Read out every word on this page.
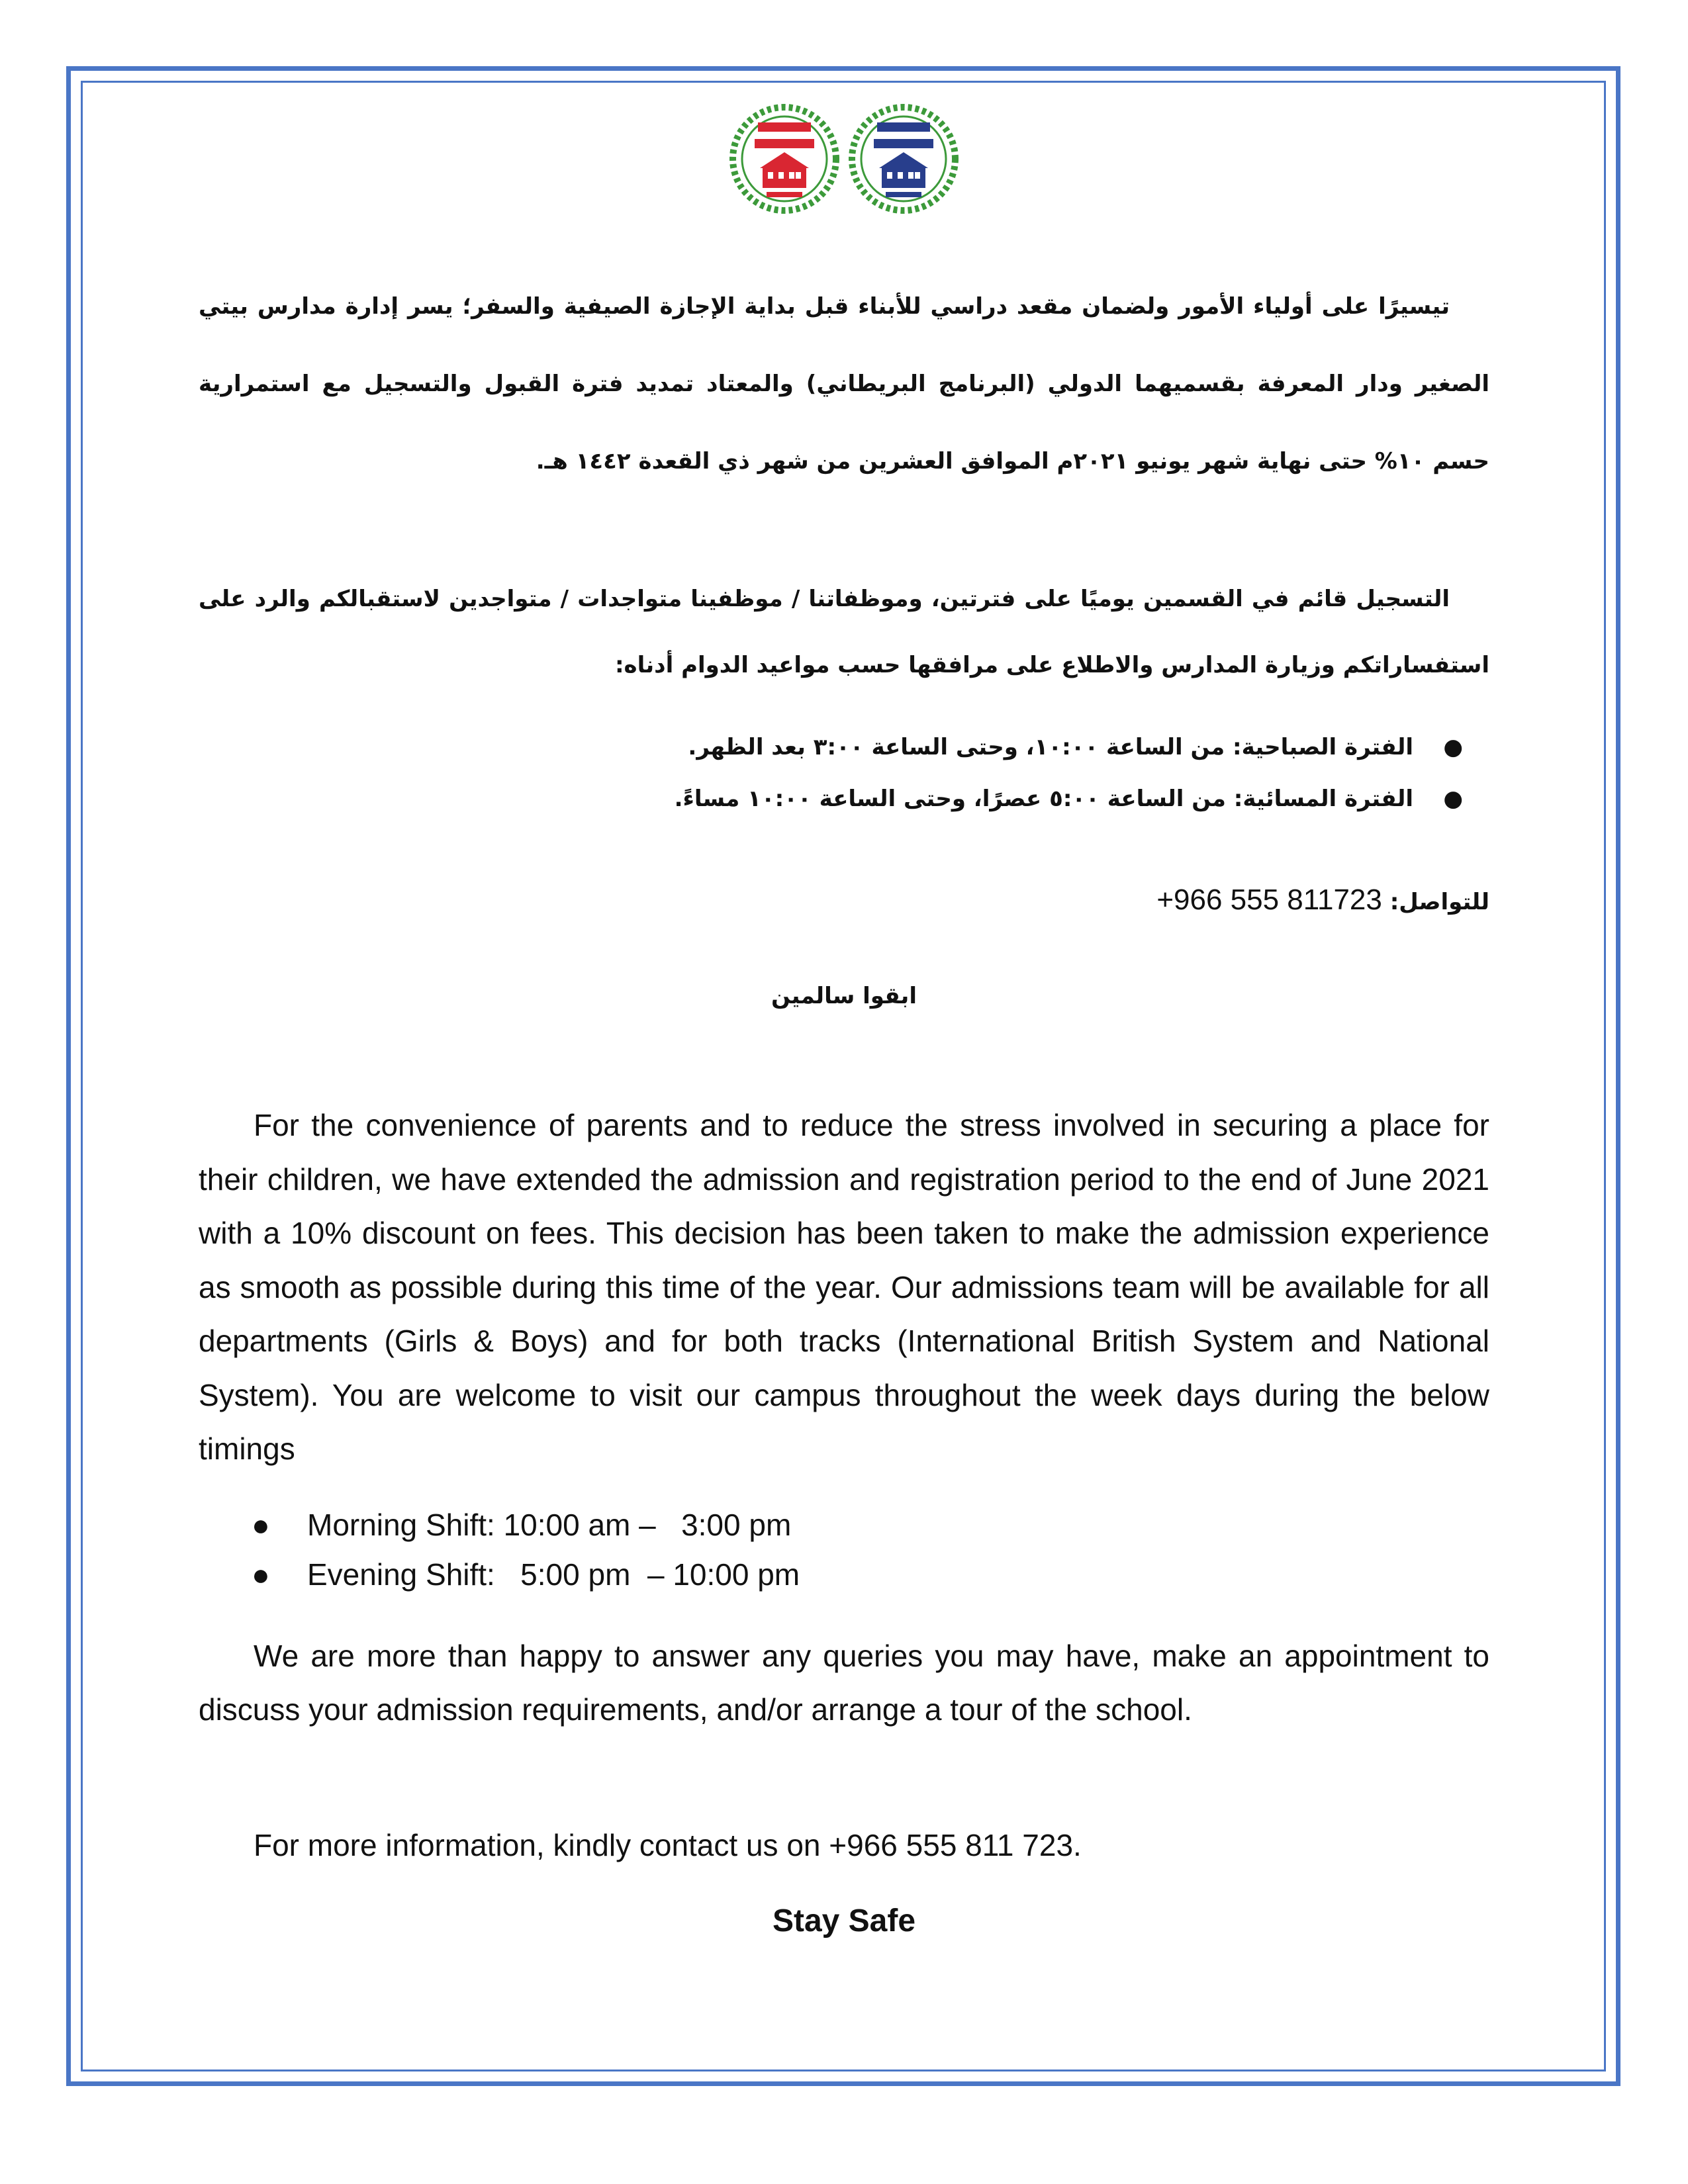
تيسيرًا على أولياء الأمور ولضمان مقعد دراسي للأبناء قبل بداية الإجازة الصيفية والسفر؛ يسر إدارة مدارس بيتي الصغير ودار المعرفة بقسميهما الدولي (البرنامج البريطاني) والمعتاد تمديد فترة القبول والتسجيل مع استمرارية حسم ١٠% حتى نهاية شهر يونيو ٢٠٢١م الموافق العشرين من شهر ذي القعدة ١٤٤٢ هـ.
التسجيل قائم في القسمين يوميًا على فترتين، وموظفاتنا / موظفينا متواجدات / متواجدين لاستقبالكم والرد على استفساراتكم وزيارة المدارس والاطلاع على مرافقها حسب مواعيد الدوام أدناه:
●
الفترة الصباحية: من الساعة ١٠:٠٠، وحتى الساعة ٣:٠٠ بعد الظهر.
●
الفترة المسائية: من الساعة ٥:٠٠ عصرًا، وحتى الساعة ١٠:٠٠ مساءً.
للتواصل: +966 555 811723
ابقوا سالمين
For the convenience of parents and to reduce the stress involved in securing a place for their children, we have extended the admission and registration period to the end of June 2021 with a 10% discount on fees. This decision has been taken to make the admission experience as smooth as possible during this time of the year. Our admissions team will be available for all departments (Girls & Boys) and for both tracks (International British System and National System). You are welcome to visit our campus throughout the week days during the below timings
● Morning Shift: 10:00 am –   3:00 pm
● Evening Shift:   5:00 pm  – 10:00 pm
We are more than happy to answer any queries you may have, make an appointment to discuss your admission requirements, and/or arrange a tour of the school.
For more information, kindly contact us on +966 555 811 723.
Stay Safe
